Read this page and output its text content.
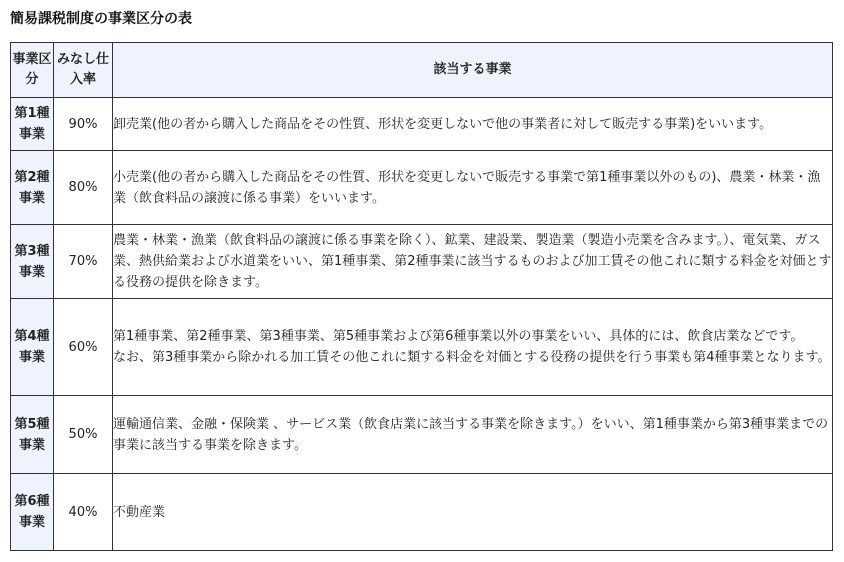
簡易課税制度の事業区分の表
事業区分	みなし仕入率	該当する事業
第1種事業	90%	卸売業(他の者から購入した商品をその性質、形状を変更しないで他の事業者に対して販売する事業)をいいます。

第2種事業	80%	小売業(他の者から購入した商品をその性質、形状を変更しないで販売する事業で第1種事業以外のもの)、農業・林業・漁業（飲食料品の譲渡に係る事業）をいいます。

第3種事業	70%	農業・林業・漁業（飲食料品の譲渡に係る事業を除く）、鉱業、建設業、製造業（製造小売業を含みます。）、電気業、ガス業、熱供給業および水道業をいい、第1種事業、第2種事業に該当するものおよび加工賃その他これに類する料金を対価とする役務の提供を除きます。

第4種事業	60%	第1種事業、第2種事業、第3種事業、第5種事業および第6種事業以外の事業をいい、具体的には、飲食店業などです。
なお、第3種事業から除かれる加工賃その他これに類する料金を対価とする役務の提供を行う事業も第4種事業となります。

第5種事業	50%	運輸通信業、金融・保険業 、サービス業（飲食店業に該当する事業を除きます。）をいい、第1種事業から第3種事業までの事業に該当する事業を除きます。

第6種事業	40%	不動産業
